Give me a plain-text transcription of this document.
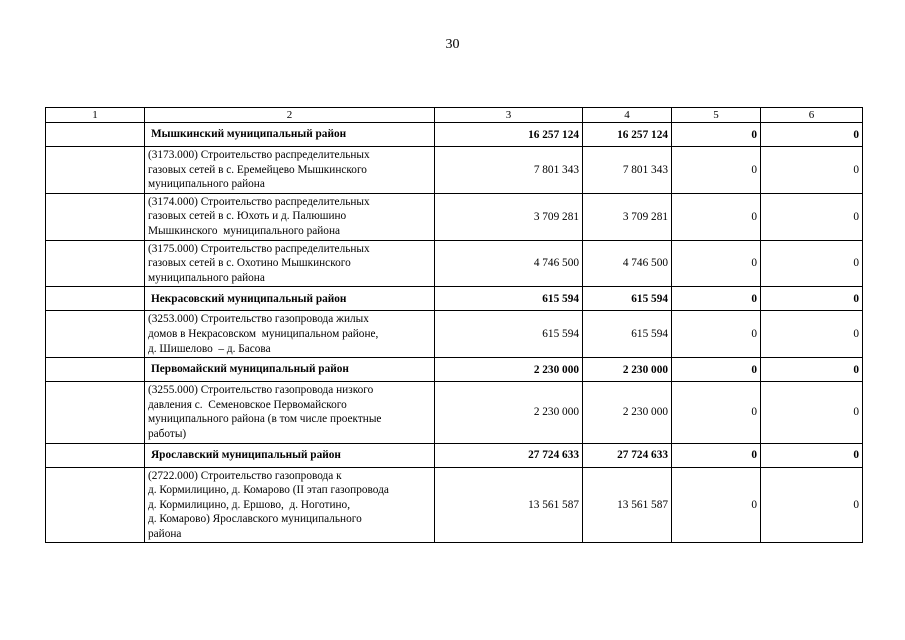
30
1	2	3	4	5	6

	Мышкинский муниципальный район	16 257 124	16 257 124	0	0

	(3173.000) Строительство распределительных
газовых сетей в с. Еремейцево Мышкинского
муниципального района	7 801 343	7 801 343	0	0

	(3174.000) Строительство распределительных
газовых сетей в с. Юхоть и д. Палюшино
Мышкинского  муниципального района	3 709 281	3 709 281	0	0

	(3175.000) Строительство распределительных
газовых сетей в с. Охотино Мышкинского
муниципального района	4 746 500	4 746 500	0	0

	Некрасовский муниципальный район	615 594	615 594	0	0

	(3253.000) Строительство газопровода жилых
домов в Некрасовском  муниципальном районе,
д. Шишелово  – д. Басова	615 594	615 594	0	0

	Первомайский муниципальный район	2 230 000	2 230 000	0	0

	(3255.000) Строительство газопровода низкого
давления с.  Семеновское Первомайского
муниципального района (в том числе проектные
работы)	2 230 000	2 230 000	0	0

	Ярославский муниципальный район	27 724 633	27 724 633	0	0

	(2722.000) Строительство газопровода к
д. Кормилицино, д. Комарово (II этап газопровода
д. Кормилицино, д. Ершово,  д. Ноготино,
д. Комарово) Ярославского муниципального
района	13 561 587	13 561 587	0	0
